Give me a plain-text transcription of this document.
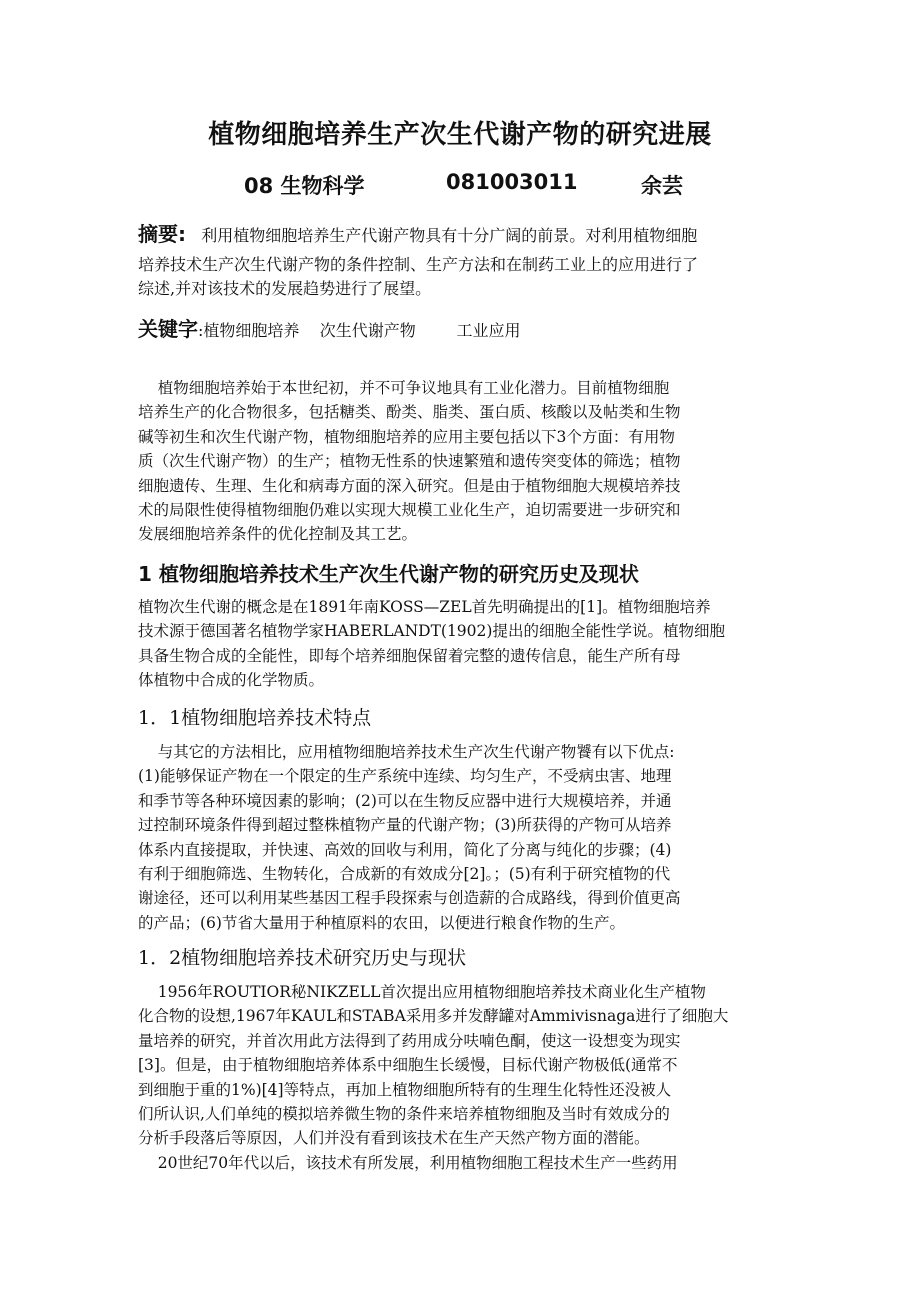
植物细胞培养生产次生代谢产物的研究进展
08 生物科学	081003011	余芸
摘要: 利用植物细胞培养生产代谢产物具有十分广阔的前景。对利用植物细胞
培养技术生产次生代谢产物的条件控制、生产方法和在制药工业上的应用进行了
综述,并对该技术的发展趋势进行了展望。
关键字:植物细胞培养 次生代谢产物	工业应用
植物细胞培养始于本世纪初，并不可争议地具有工业化潜力。目前植物细胞
培养生产的化合物很多，包括糖类、酚类、脂类、蛋白质、核酸以及帖类和生物
碱等初生和次生代谢产物，植物细胞培养的应用主要包括以下3个方面：有用物
质（次生代谢产物）的生产；植物无性系的快速繁殖和遗传突变体的筛选；植物
细胞遗传、生理、生化和病毒方面的深入研究。但是由于植物细胞大规模培养技
术的局限性使得植物细胞仍难以实现大规模工业化生产，迫切需要进一步研究和
发展细胞培养条件的优化控制及其工艺。
1 植物细胞培养技术生产次生代谢产物的研究历史及现状
植物次生代谢的概念是在1891年南KOSS—ZEL首先明确提出的[1]。植物细胞培养
技术源于德国著名植物学家HABERLANDT(1902)提出的细胞全能性学说。植物细胞
具备生物合成的全能性，即每个培养细胞保留着完整的遗传信息，能生产所有母
体植物中合成的化学物质。
1．1植物细胞培养技术特点
与其它的方法相比，应用植物细胞培养技术生产次生代谢产物饕有以下优点:
(1)能够保证产物在一个限定的生产系统中连续、均匀生产，不受病虫害、地理
和季节等各种环境因素的影响；(2)可以在生物反应器中进行大规模培养，并通
过控制环境条件得到超过整株植物产量的代谢产物；(3)所获得的产物可从培养
体系内直接提取，并快速、高效的回收与利用，简化了分离与纯化的步骤；(4)
有利于细胞筛选、生物转化，合成新的有效成分[2]。；(5)有利于研究植物的代
谢途径，还可以利用某些基因工程手段探索与创造薪的合成路线，得到价值更高
的产品；(6)节省大量用于种植原料的农田，以便进行粮食作物的生产。
1．2植物细胞培养技术研究历史与现状
1956年ROUTIOR秘NIKZELL首次提出应用植物细胞培养技术商业化生产植物
化合物的设想,1967年KAUL和STABA采用多并发酵罐对Ammivisnaga进行了细胞大
量培养的研究，并首次用此方法得到了药用成分呋喃色酮，使这一设想变为现实
[3]。但是，由于植物细胞培养体系中细胞生长缓慢，目标代谢产物极低(通常不
到细胞于重的1%)[4]等特点，再加上植物细胞所特有的生理生化特性还没被人
们所认识,人们单纯的模拟培养微生物的条件来培养植物细胞及当时有效成分的
分析手段落后等原因，人们并没有看到该技术在生产天然产物方面的潜能。
20世纪70年代以后，该技术有所发展，利用植物细胞工程技术生产一些药用
